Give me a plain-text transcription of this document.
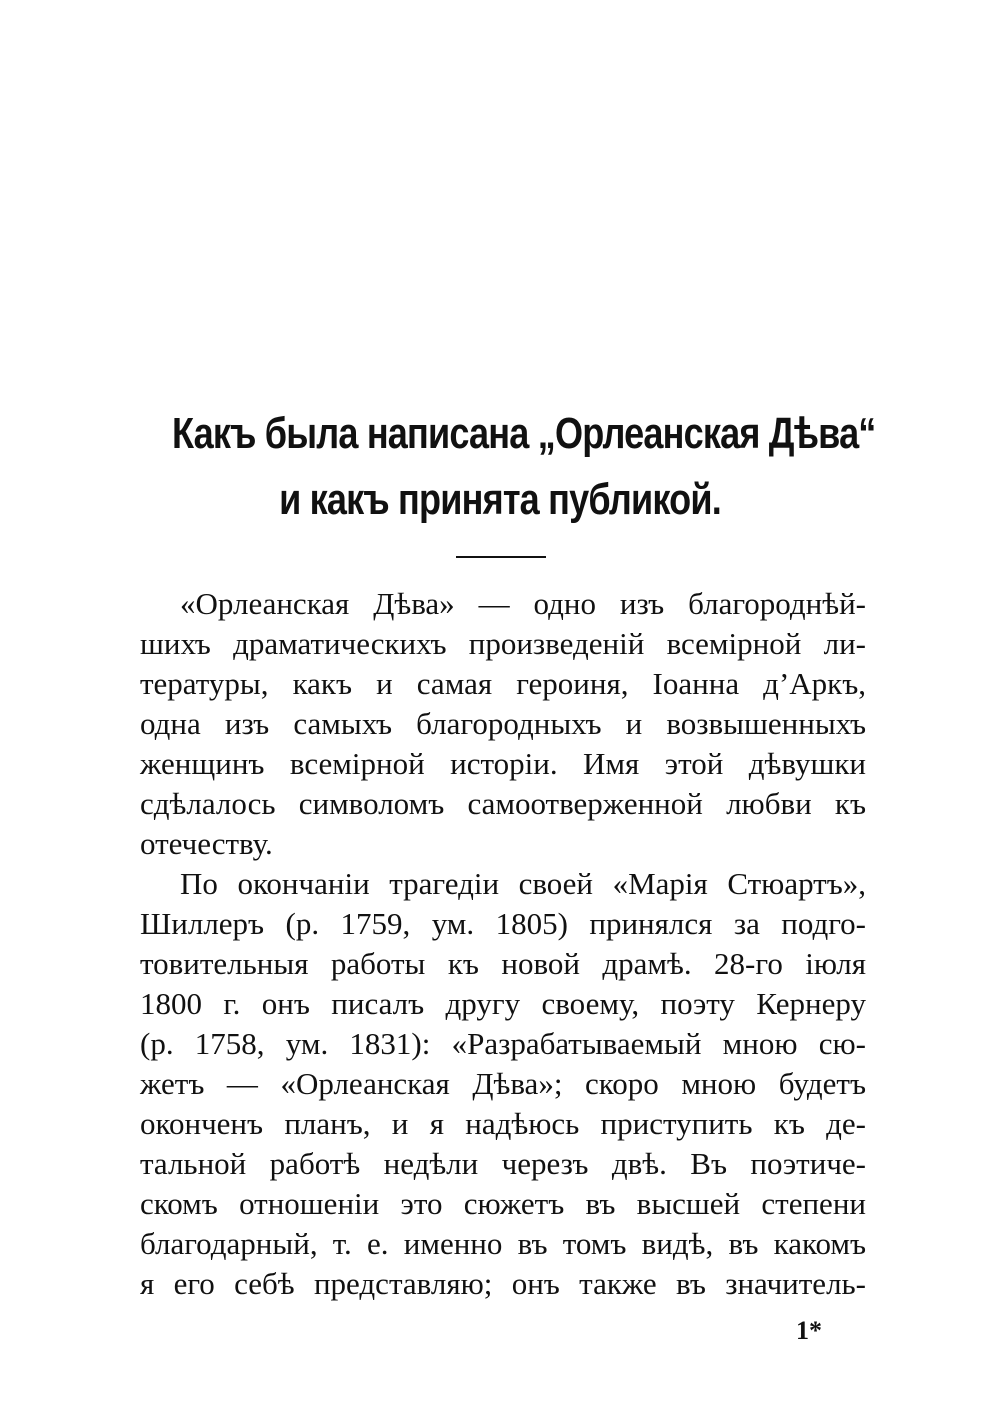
Какъ была написана „Орлеанская Дѣва“
и какъ принята публикой.
«Орлеанская Дѣва» — одно изъ благороднѣй-
шихъ драматическихъ произведенiй всемiрной ли-
тературы, какъ и самая героиня, Iоанна д’Аркъ,
одна изъ самыхъ благородныхъ и возвышенныхъ
женщинъ всемiрной исторiи. Имя этой дѣвушки
сдѣлалось символомъ самоотверженной любви къ
отечеству.
По окончанiи трагедiи своей «Марiя Стюартъ»,
Шиллеръ (р. 1759, ум. 1805) принялся за подго-
товительныя работы къ новой драмѣ. 28-го iюля
1800 г. онъ писалъ другу своему, поэту Кернеру
(р. 1758, ум. 1831): «Разрабатываемый мною сю-
жетъ — «Орлеанская Дѣва»; скоро мною будетъ
оконченъ планъ, и я надѣюсь приступить къ де-
тальной работѣ недѣли черезъ двѣ. Въ поэтиче-
скомъ отношенiи это сюжетъ въ высшей степени
благодарный, т. е. именно въ томъ видѣ, въ какомъ
я его себѣ представляю; онъ также въ значитель-
1*
